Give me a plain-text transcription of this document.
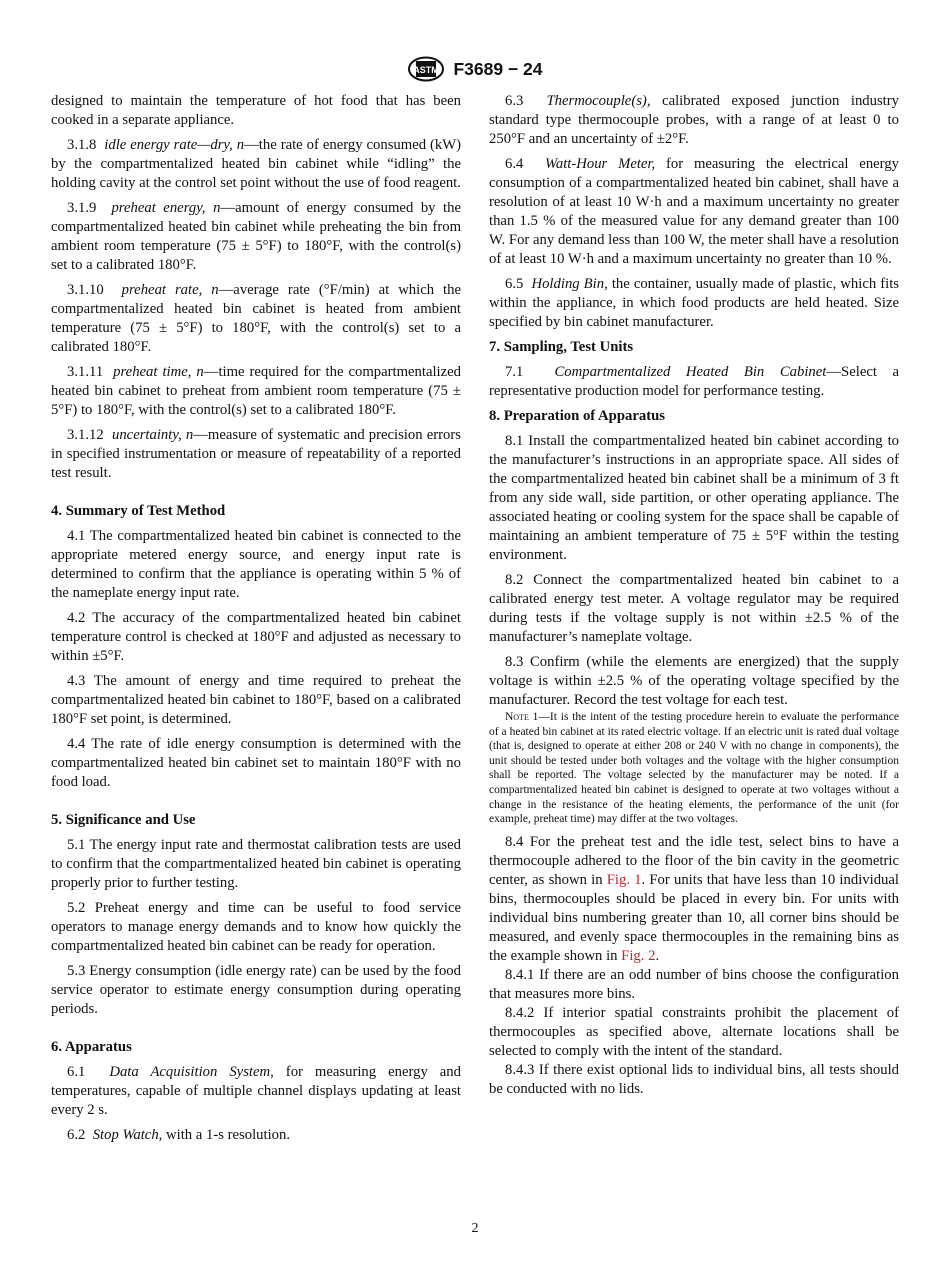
ASTM F3689 − 24

designed to maintain the temperature of hot food that has been cooked in a separate appliance.

3.1.8 idle energy rate—dry, n—the rate of energy consumed (kW) by the compartmentalized heated bin cabinet while “idling” the holding cavity at the control set point without the use of food reagent.

3.1.9 preheat energy, n—amount of energy consumed by the compartmentalized heated bin cabinet while preheating the bin from ambient room temperature (75 ± 5°F) to 180°F, with the control(s) set to a calibrated 180°F.

3.1.10 preheat rate, n—average rate (°F/min) at which the compartmentalized heated bin cabinet is heated from ambient temperature (75 ± 5°F) to 180°F, with the control(s) set to a calibrated 180°F.

3.1.11 preheat time, n—time required for the compartmentalized heated bin cabinet to preheat from ambient room temperature (75 ± 5°F) to 180°F, with the control(s) set to a calibrated 180°F.

3.1.12 uncertainty, n—measure of systematic and precision errors in specified instrumentation or measure of repeatability of a reported test result.

4. Summary of Test Method

4.1 The compartmentalized heated bin cabinet is connected to the appropriate metered energy source, and energy input rate is determined to confirm that the appliance is operating within 5 % of the nameplate energy input rate.

4.2 The accuracy of the compartmentalized heated bin cabinet temperature control is checked at 180°F and adjusted as necessary to within ±5°F.

4.3 The amount of energy and time required to preheat the compartmentalized heated bin cabinet to 180°F, based on a calibrated 180°F set point, is determined.

4.4 The rate of idle energy consumption is determined with the compartmentalized heated bin cabinet set to maintain 180°F with no food load.

5. Significance and Use

5.1 The energy input rate and thermostat calibration tests are used to confirm that the compartmentalized heated bin cabinet is operating properly prior to further testing.

5.2 Preheat energy and time can be useful to food service operators to manage energy demands and to know how quickly the compartmentalized heated bin cabinet can be ready for operation.

5.3 Energy consumption (idle energy rate) can be used by the food service operator to estimate energy consumption during operating periods.

6. Apparatus

6.1 Data Acquisition System, for measuring energy and temperatures, capable of multiple channel displays updating at least every 2 s.

6.2 Stop Watch, with a 1-s resolution.

6.3 Thermocouple(s), calibrated exposed junction industry standard type thermocouple probes, with a range of at least 0 to 250°F and an uncertainty of ±2°F.

6.4 Watt-Hour Meter, for measuring the electrical energy consumption of a compartmentalized heated bin cabinet, shall have a resolution of at least 10 W·h and a maximum uncertainty no greater than 1.5 % of the measured value for any demand greater than 100 W. For any demand less than 100 W, the meter shall have a resolution of at least 10 W·h and a maximum uncertainty no greater than 10 %.

6.5 Holding Bin, the container, usually made of plastic, which fits within the appliance, in which food products are held heated. Size specified by bin cabinet manufacturer.

7. Sampling, Test Units

7.1 Compartmentalized Heated Bin Cabinet—Select a representative production model for performance testing.

8. Preparation of Apparatus

8.1 Install the compartmentalized heated bin cabinet according to the manufacturer’s instructions in an appropriate space. All sides of the compartmentalized heated bin cabinet shall be a minimum of 3 ft from any side wall, side partition, or other operating appliance. The associated heating or cooling system for the space shall be capable of maintaining an ambient temperature of 75 ± 5°F within the testing environment.

8.2 Connect the compartmentalized heated bin cabinet to a calibrated energy test meter. A voltage regulator may be required during tests if the voltage supply is not within ±2.5 % of the manufacturer’s nameplate voltage.

8.3 Confirm (while the elements are energized) that the supply voltage is within ±2.5 % of the operating voltage specified by the manufacturer. Record the test voltage for each test.

Note 1—It is the intent of the testing procedure herein to evaluate the performance of a heated bin cabinet at its rated electric voltage. If an electric unit is rated dual voltage (that is, designed to operate at either 208 or 240 V with no change in components), the unit should be tested under both voltages and the voltage with the higher consumption shall be reported. The voltage selected by the manufacturer may be noted. If a compartmentalized heated bin cabinet is designed to operate at two voltages without a change in the resistance of the heating elements, the performance of the unit (for example, preheat time) may differ at the two voltages.

8.4 For the preheat test and the idle test, select bins to have a thermocouple adhered to the floor of the bin cavity in the geometric center, as shown in Fig. 1. For units that have less than 10 individual bins, thermocouples should be placed in every bin. For units with individual bins numbering greater than 10, all corner bins should be measured, and evenly space thermocouples in the remaining bins as the example shown in Fig. 2.

8.4.1 If there are an odd number of bins choose the configuration that measures more bins.

8.4.2 If interior spatial constraints prohibit the placement of thermocouples as specified above, alternate locations shall be selected to comply with the intent of the standard.

8.4.3 If there exist optional lids to individual bins, all tests should be conducted with no lids.

2
